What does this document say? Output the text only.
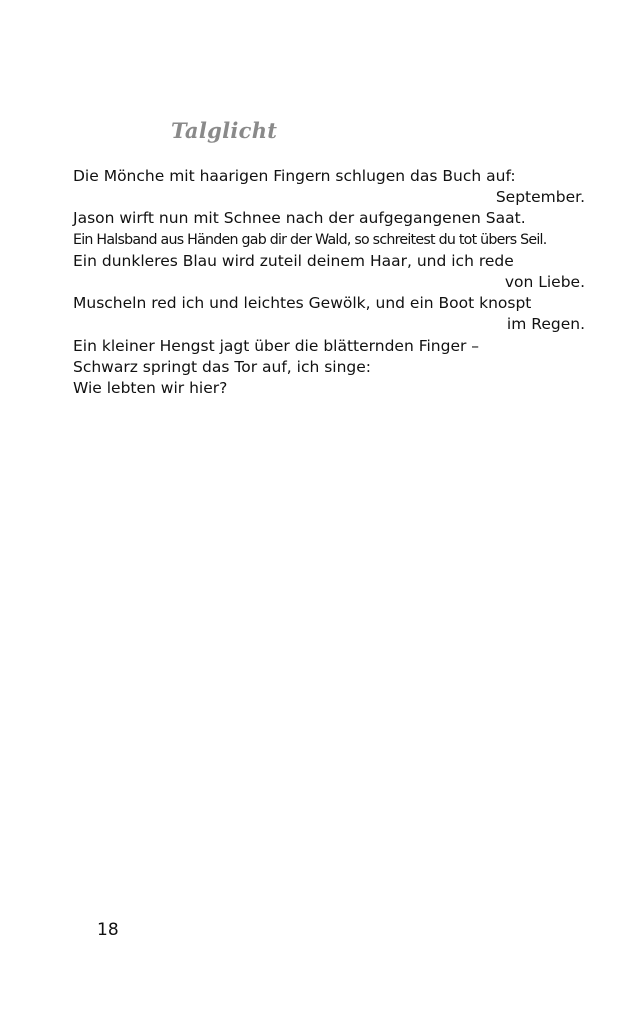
Talglicht
Die Mönche mit haarigen Fingern schlugen das Buch auf:
September.
Jason wirft nun mit Schnee nach der aufgegangenen Saat.
Ein Halsband aus Händen gab dir der Wald, so schreitest du tot übers Seil.
Ein dunkleres Blau wird zuteil deinem Haar, und ich rede
von Liebe.
Muscheln red ich und leichtes Gewölk, und ein Boot knospt
im Regen.
Ein kleiner Hengst jagt über die blätternden Finger –
Schwarz springt das Tor auf, ich singe:
Wie lebten wir hier?
18
